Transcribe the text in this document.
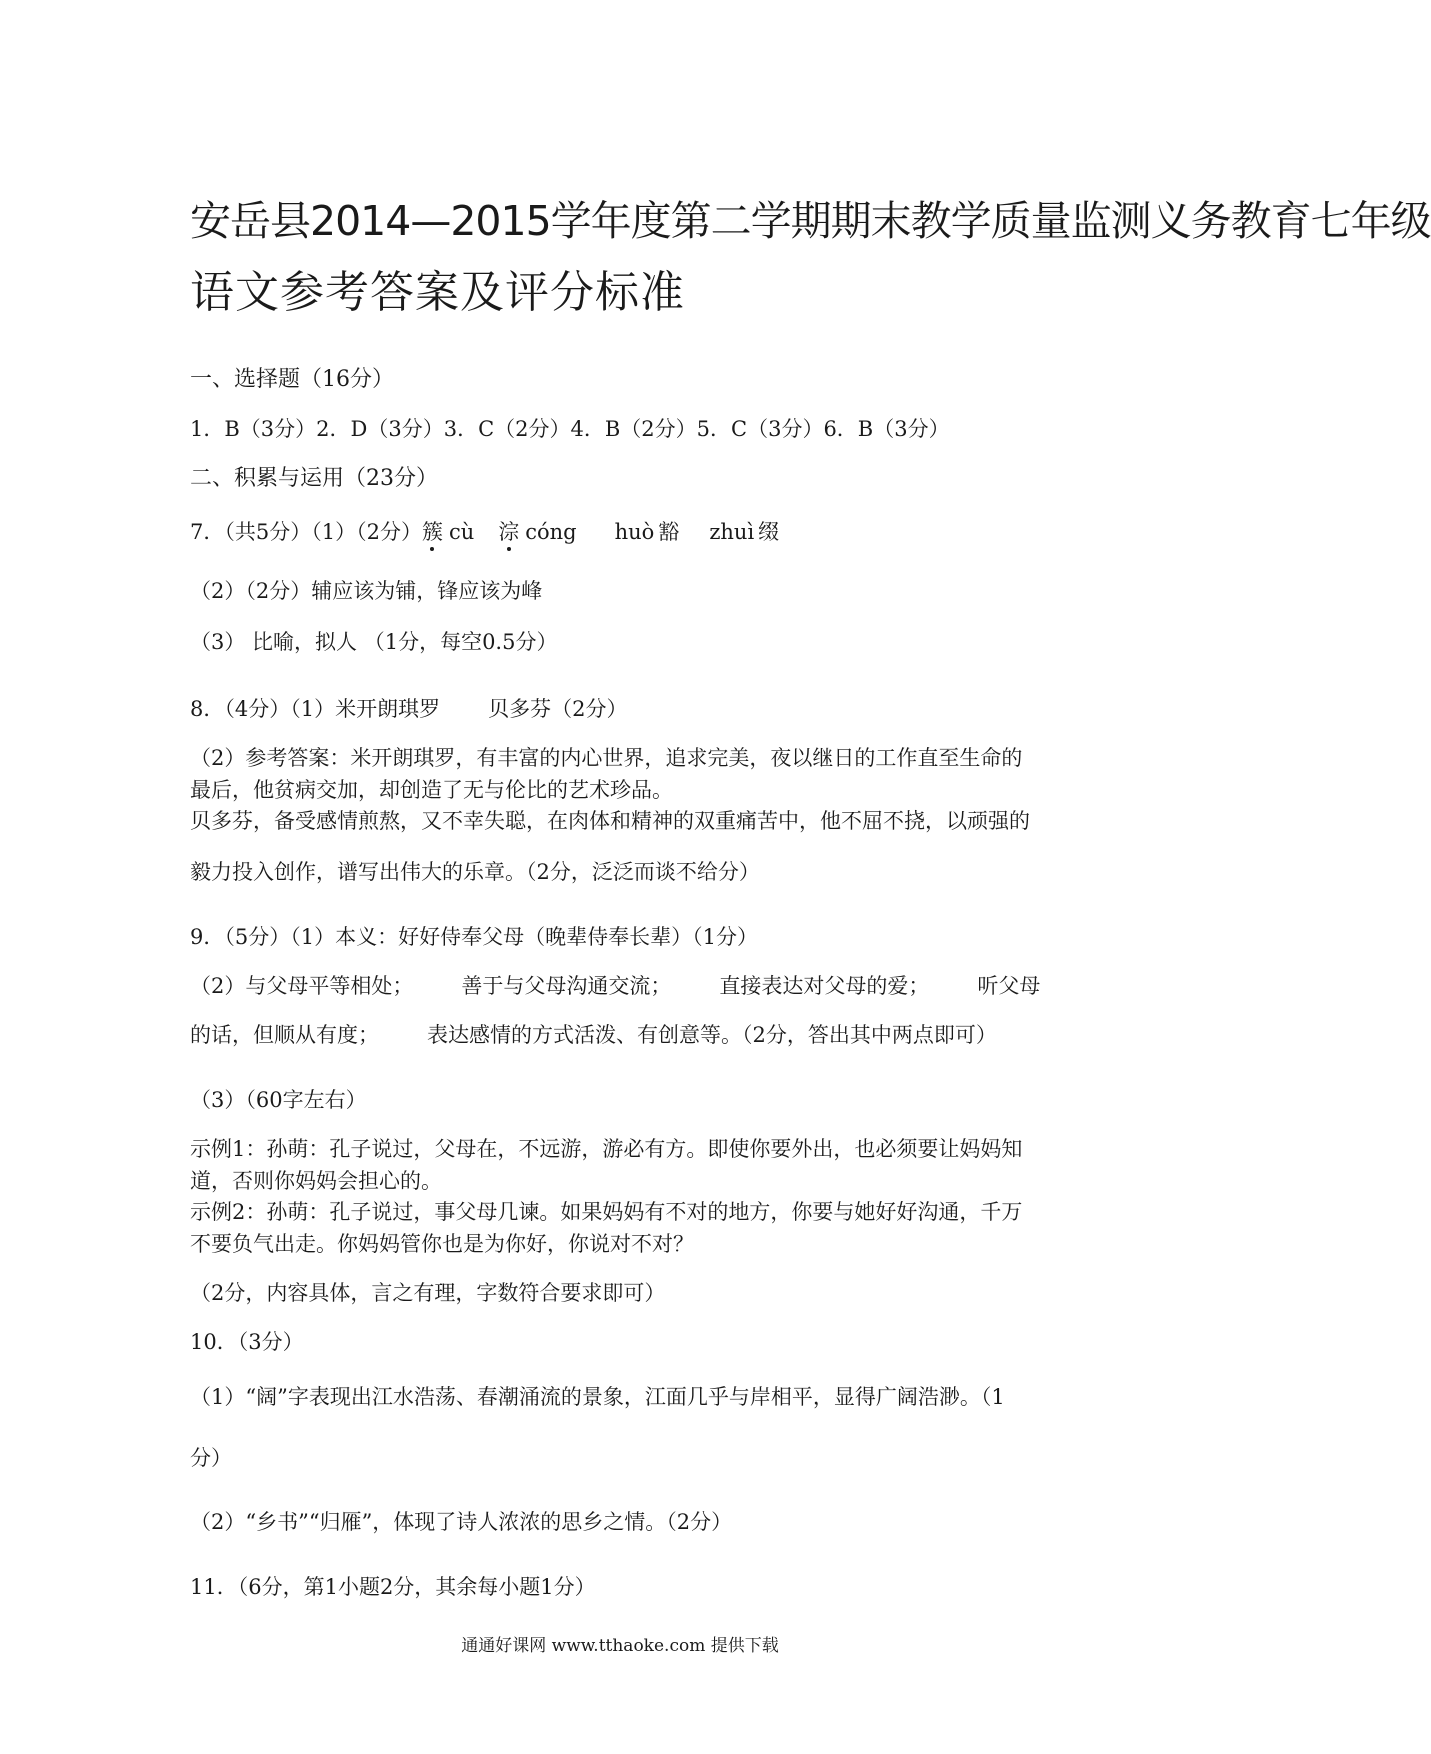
安岳县2014—2015学年度第二学期期末教学质量监测义务教育七年级
语文参考答案及评分标准
一、选择题（16分）
1．B（3分）2．D（3分）3．C（2分）4．B（2分）5．C（3分）6．B（3分）
二、积累与运用（23分）
7．（共5分）（1）（2分）簇 cù 淙 cóng huò 豁 zhuì 缀
（2）（2分）辅应该为铺，锋应该为峰
（3） 比喻，拟人 （1分，每空0.5分）
8．（4分）（1）米开朗琪罗 贝多芬（2分）
（2）参考答案：米开朗琪罗，有丰富的内心世界，追求完美，夜以继日的工作直至生命的
最后，他贫病交加，却创造了无与伦比的艺术珍品。
贝多芬，备受感情煎熬，又不幸失聪，在肉体和精神的双重痛苦中，他不屈不挠，以顽强的
毅力投入创作，谱写出伟大的乐章。（2分，泛泛而谈不给分）
9．（5分）（1）本义：好好侍奉父母（晚辈侍奉长辈）（1分）
（2）与父母平等相处； 善于与父母沟通交流； 直接表达对父母的爱； 听父母
的话，但顺从有度； 表达感情的方式活泼、有创意等。（2分，答出其中两点即可）
（3）（60字左右）
示例1：孙萌：孔子说过，父母在，不远游，游必有方。即使你要外出，也必须要让妈妈知
道，否则你妈妈会担心的。
示例2：孙萌：孔子说过，事父母几谏。如果妈妈有不对的地方，你要与她好好沟通，千万
不要负气出走。你妈妈管你也是为你好，你说对不对？
（2分，内容具体，言之有理，字数符合要求即可）
10．（3分）
（1）“阔”字表现出江水浩荡、春潮涌流的景象，江面几乎与岸相平，显得广阔浩渺。（1
分）
（2）“乡书”“归雁”，体现了诗人浓浓的思乡之情。（2分）
11．（6分，第1小题2分，其余每小题1分）
通通好课网 www.tthaoke.com 提供下载
